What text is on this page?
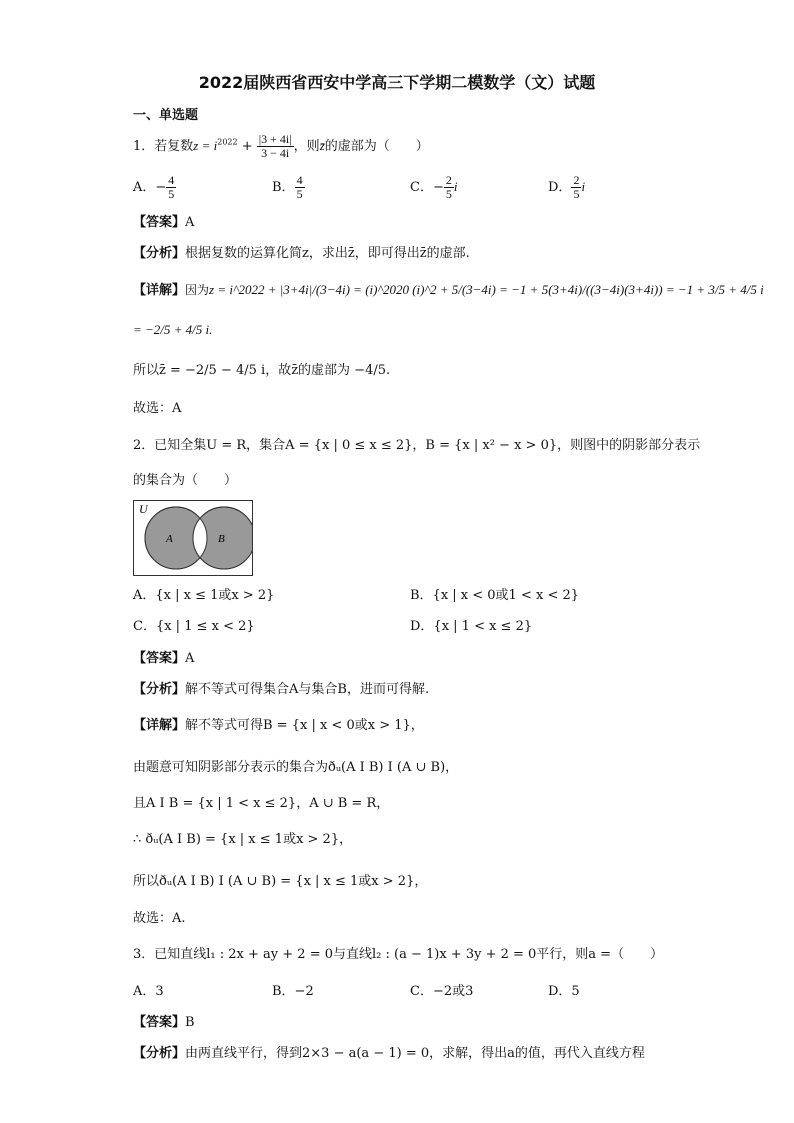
2022届陕西省西安中学高三下学期二模数学（文）试题
一、单选题
1．若复数$z = i^{2022} + \frac{|3 + 4i|}{3 - 4i}$ ，则z̄的虚部为（　　）
A．− $\frac{4}{5}$	B． $\frac{4}{5}$	C．− $\frac{2}{5}$ i	D． $\frac{2}{5}$ i
【答案】A
【分析】根据复数的运算化简z，求出z̄，即可得出z̄的虚部.
【详解】因为z = i^2022 + |3+4i|/(3−4i) = (i)^2020 (i)^2 + 5/(3−4i) = −1 + 5(3+4i)/((3−4i)(3+4i)) = −1 + 3/5 + 4/5 i
= −2/5 + 4/5 i.
所以z̄ = −2/5 − 4/5 i，故z̄的虚部为 −4/5.
故选：A
2．已知全集U = R，集合A = {x | 0 ≤ x ≤ 2}，B = {x | x² − x > 0}，则图中的阴影部分表示
的集合为（　　）
U
A	B
A．{x | x ≤ 1或x > 2}	B．{x | x < 0或1 < x < 2}
C．{x | 1 ≤ x < 2}	D．{x | 1 < x ≤ 2}
【答案】A
【分析】解不等式可得集合A与集合B，进而可得解.
【详解】解不等式可得B = {x | x < 0或x > 1}，
由题意可知阴影部分表示的集合为ðᵤ(A I B) I (A ∪ B)，
且A I B = {x | 1 < x ≤ 2}，A ∪ B = R，
∴ ðᵤ(A I B) = {x | x ≤ 1或x > 2}，
所以ðᵤ(A I B) I (A ∪ B) = {x | x ≤ 1或x > 2}，
故选：A.
3．已知直线l₁ : 2x + ay + 2 = 0与直线l₂ : (a − 1)x + 3y + 2 = 0平行，则a =（　　）
A．3	B．−2	C．−2或3	D．5
【答案】B
【分析】由两直线平行，得到2×3 − a(a − 1) = 0，求解，得出a的值，再代入直线方程
